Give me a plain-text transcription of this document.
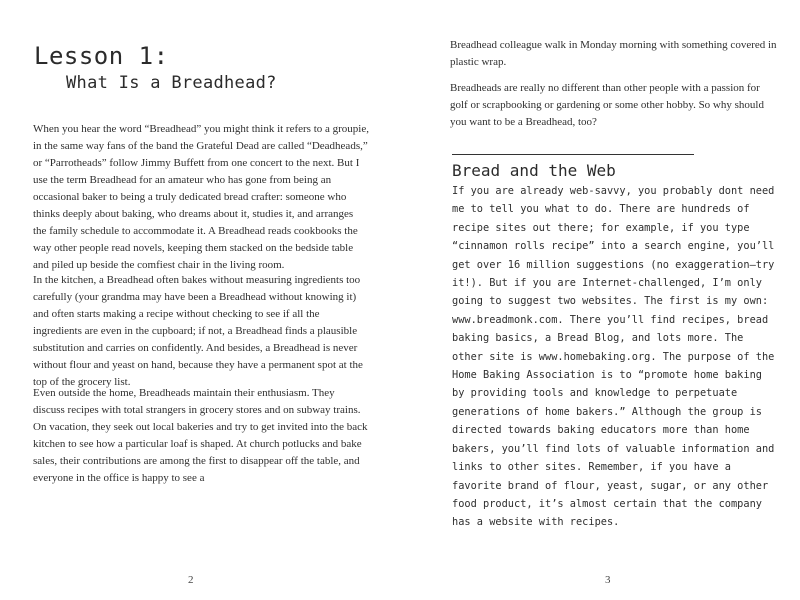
Lesson 1:
What Is a Breadhead?

When you hear the word “Breadhead” you might think it refers to a groupie, in the same way fans of the band the Grateful Dead are called “Deadheads,” or “Parrotheads” follow Jimmy Buffett from one concert to the next. But I use the term Breadhead for an amateur who has gone from being an occasional baker to being a truly dedicated bread crafter: someone who thinks deeply about baking, who dreams about it, studies it, and arranges the family schedule to accommodate it. A Breadhead reads cookbooks the way other people read novels, keeping them stacked on the bedside table and piled up beside the comfiest chair in the living room.

In the kitchen, a Breadhead often bakes without measuring ingredients too carefully (your grandma may have been a Breadhead without knowing it) and often starts making a recipe without checking to see if all the ingredients are even in the cupboard; if not, a Breadhead finds a plausible substitution and carries on confidently. And besides, a Breadhead is never without flour and yeast on hand, because they have a permanent spot at the top of the grocery list.

Even outside the home, Breadheads maintain their enthusiasm. They discuss recipes with total strangers in grocery stores and on subway trains. On vacation, they seek out local bakeries and try to get invited into the back kitchen to see how a particular loaf is shaped. At church potlucks and bake sales, their contributions are among the first to disappear off the table, and everyone in the office is happy to see a

2

Breadhead colleague walk in Monday morning with something covered in plastic wrap.

Breadheads are really no different than other people with a passion for golf or scrapbooking or gardening or some other hobby. So why should you want to be a Breadhead, too?

Bread and the Web

If you are already web-savvy, you probably dont need me to tell you what to do. There are hundreds of recipe sites out there; for example, if you type “cinnamon rolls recipe” into a search engine, you’ll get over 16 million suggestions (no exaggeration—try it!). But if you are Internet-challenged, I’m only going to suggest two websites. The first is my own: www.breadmonk.com. There you’ll find recipes, bread baking basics, a Bread Blog, and lots more. The other site is www.homebaking.org. The purpose of the Home Baking Association is to “promote home baking by providing tools and knowledge to perpetuate generations of home bakers.” Although the group is directed towards baking educators more than home bakers, you’ll find lots of valuable information and links to other sites. Remember, if you have a favorite brand of flour, yeast, sugar, or any other food product, it’s almost certain that the company has a website with recipes.

3
